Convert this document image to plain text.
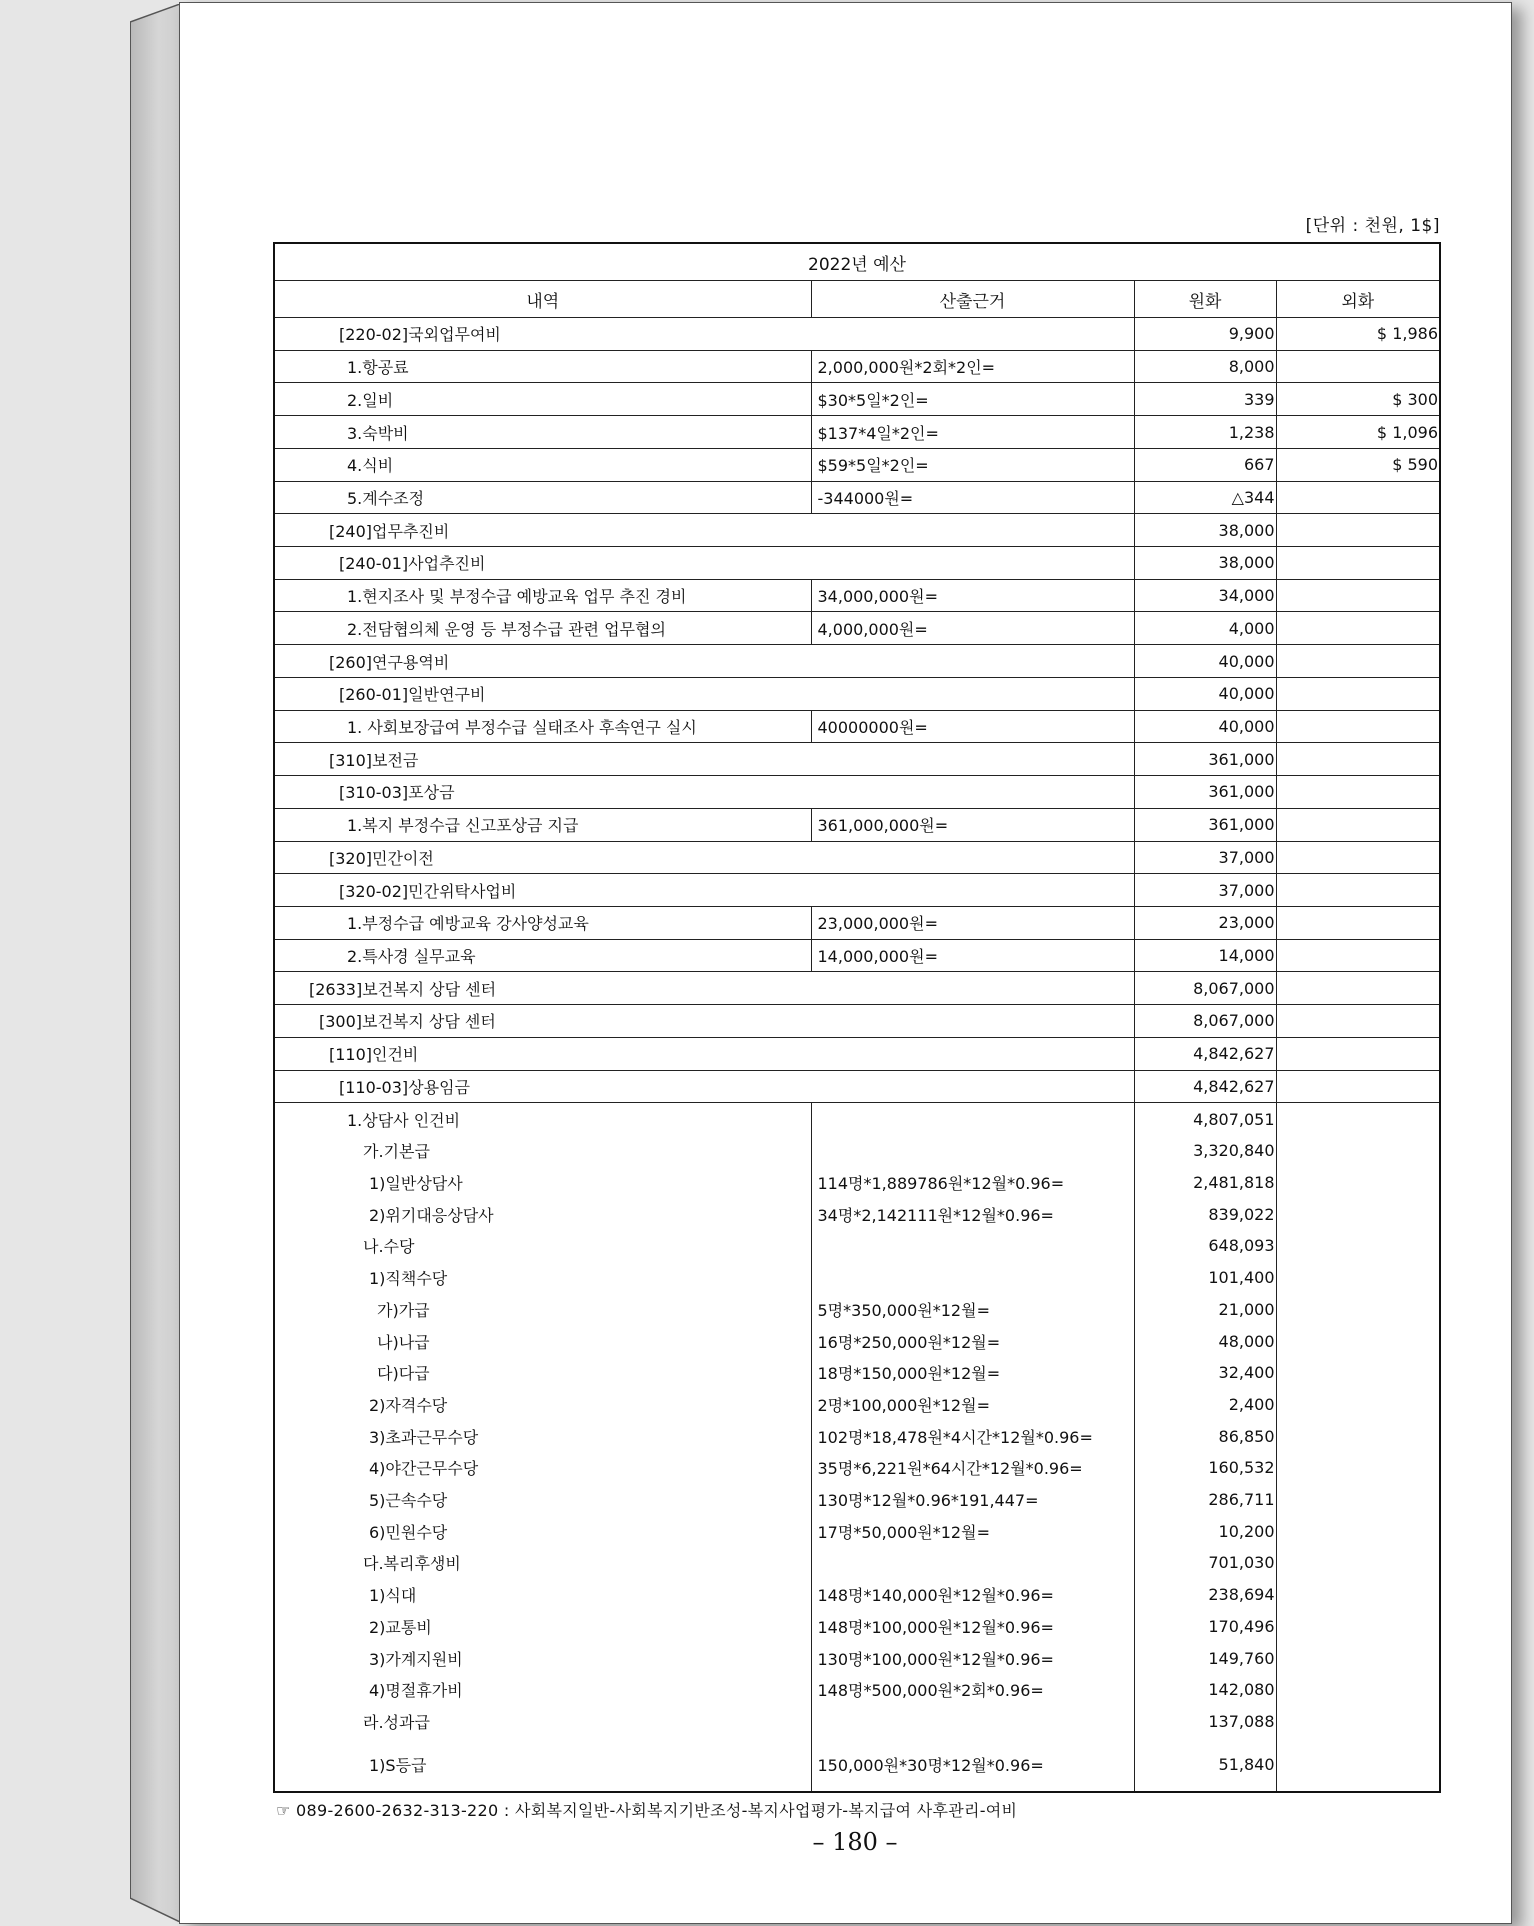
[단위 : 천원, 1$]
2022년 예산			
내역	산출근거	원화	외화
[220-02]국외업무여비		9,900	$ 1,986
1.항공료	2,000,000원*2회*2인=	8,000	
2.일비	$30*5일*2인=	339	$ 300
3.숙박비	$137*4일*2인=	1,238	$ 1,096
4.식비	$59*5일*2인=	667	$ 590
5.계수조정	-344000원=	△344	
[240]업무추진비		38,000	
[240-01]사업추진비		38,000	
1.현지조사 및 부정수급 예방교육 업무 추진 경비	34,000,000원=	34,000	
2.전담협의체 운영 등 부정수급 관련 업무협의	4,000,000원=	4,000	
[260]연구용역비		40,000	
[260-01]일반연구비		40,000	
1. 사회보장급여 부정수급 실태조사 후속연구 실시	40000000원=	40,000	
[310]보전금		361,000	
[310-03]포상금		361,000	
1.복지 부정수급 신고포상금 지급	361,000,000원=	361,000	
[320]민간이전		37,000	
[320-02]민간위탁사업비		37,000	
1.부정수급 예방교육 강사양성교육	23,000,000원=	23,000	
2.특사경 실무교육	14,000,000원=	14,000	
[2633]보건복지 상담 센터		8,067,000	
[300]보건복지 상담 센터		8,067,000	
[110]인건비		4,842,627	
[110-03]상용임금		4,842,627	
1.상담사 인건비		4,807,051	
가.기본급		3,320,840	
1)일반상담사	114명*1,889786원*12월*0.96=	2,481,818	
2)위기대응상담사	34명*2,142111원*12월*0.96=	839,022	
나.수당		648,093	
1)직책수당		101,400	
가)가급	5명*350,000원*12월=	21,000	
나)나급	16명*250,000원*12월=	48,000	
다)다급	18명*150,000원*12월=	32,400	
2)자격수당	2명*100,000원*12월=	2,400	
3)초과근무수당	102명*18,478원*4시간*12월*0.96=	86,850	
4)야간근무수당	35명*6,221원*64시간*12월*0.96=	160,532	
5)근속수당	130명*12월*0.96*191,447=	286,711	
6)민원수당	17명*50,000원*12월=	10,200	
다.복리후생비		701,030	
1)식대	148명*140,000원*12월*0.96=	238,694	
2)교통비	148명*100,000원*12월*0.96=	170,496	
3)가계지원비	130명*100,000원*12월*0.96=	149,760	
4)명절휴가비	148명*500,000원*2회*0.96=	142,080	
라.성과급		137,088	
1)S등급	150,000원*30명*12월*0.96=	51,840	
☞ 089-2600-2632-313-220 : 사회복지일반-사회복지기반조성-복지사업평가-복지급여 사후관리-여비
– 180 –
